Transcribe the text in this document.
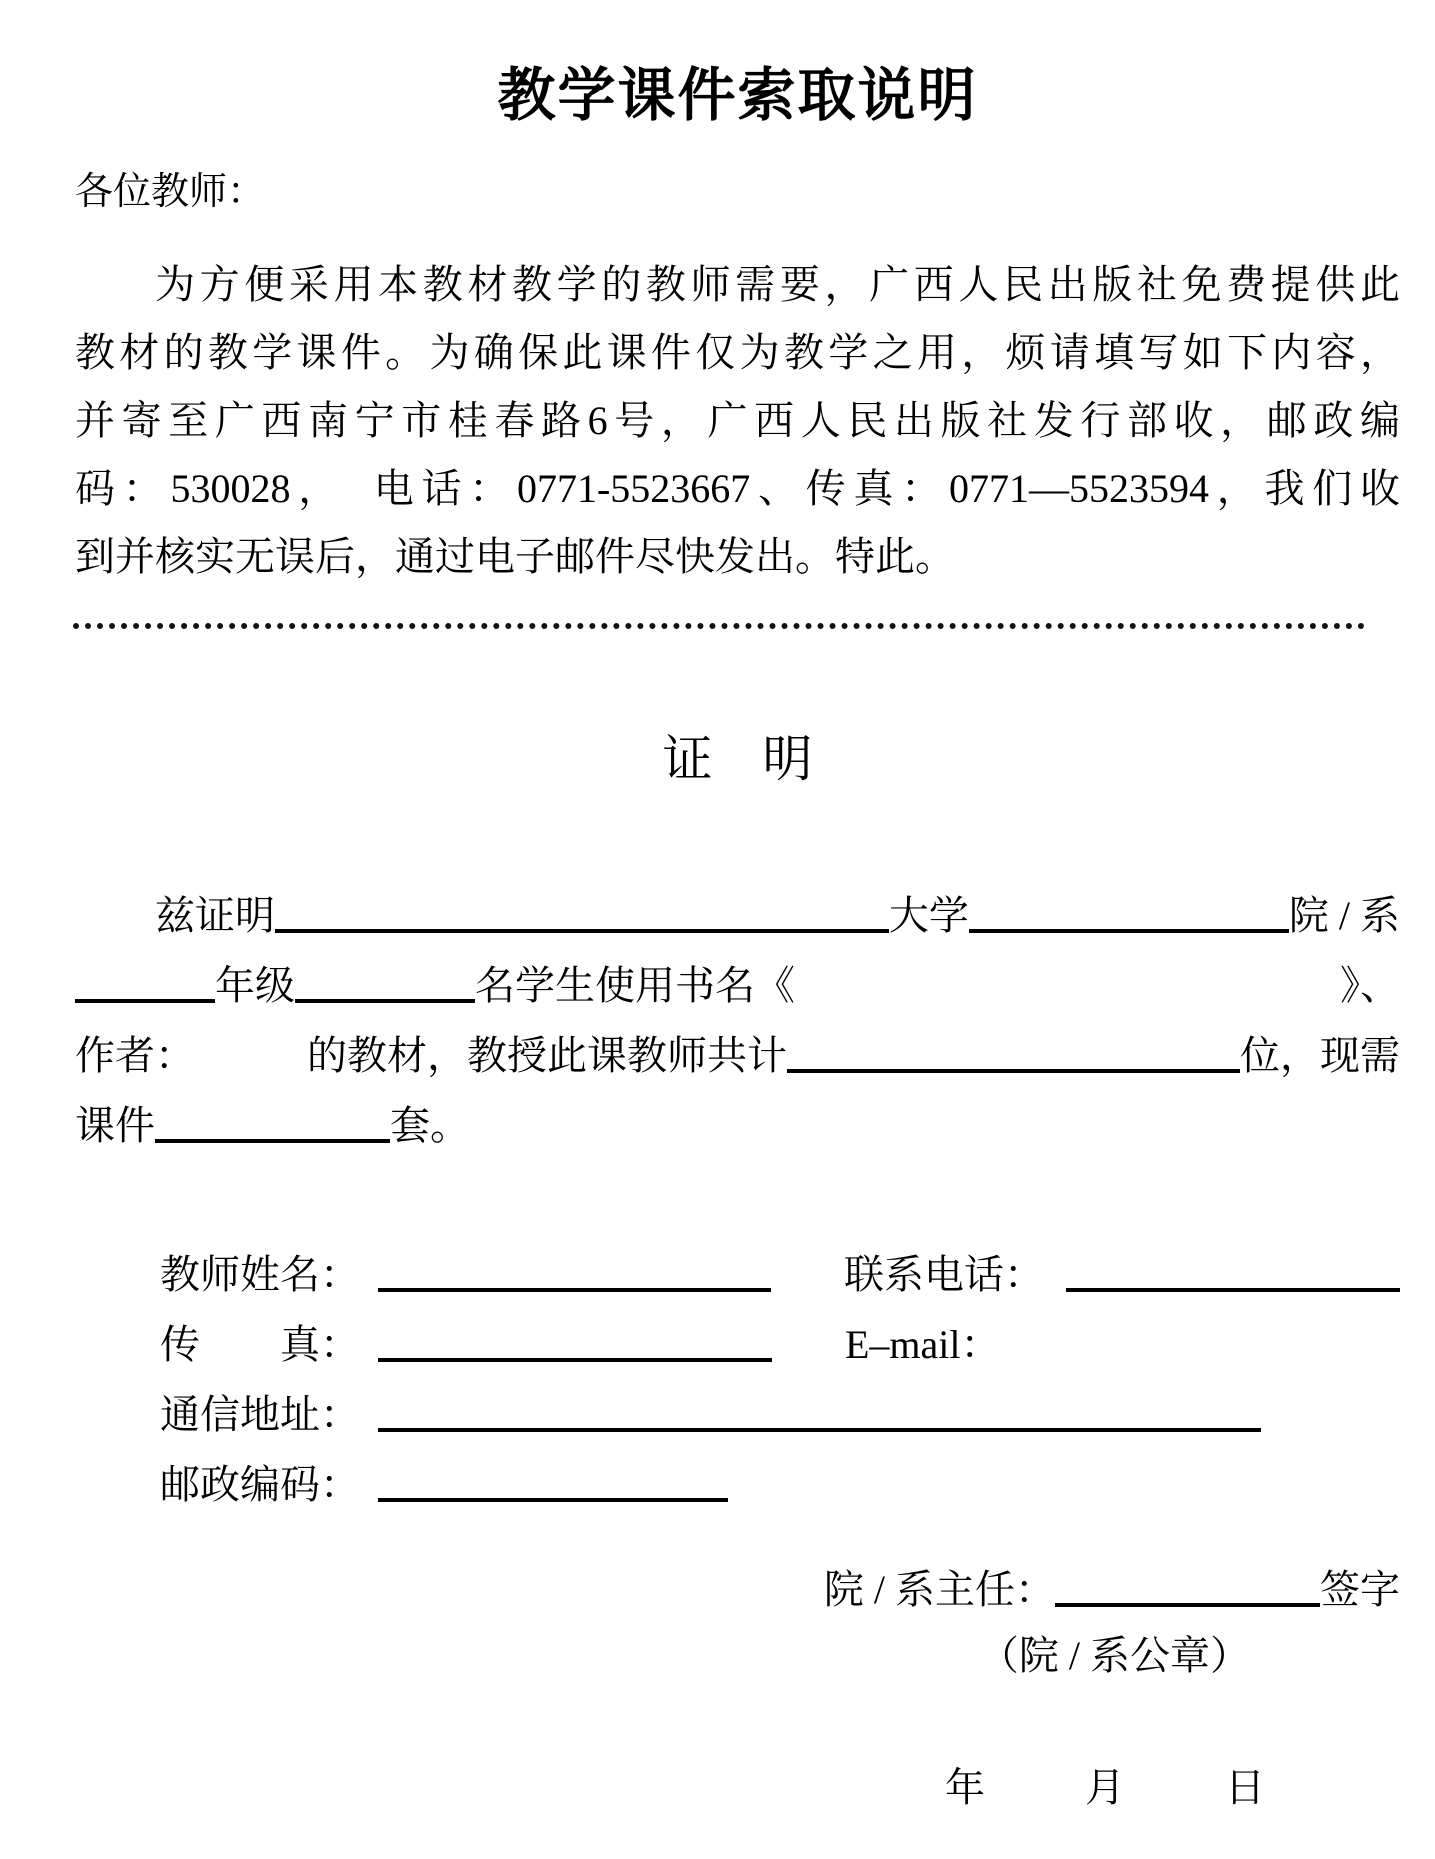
教学课件索取说明
各位教师：
为方便采用本教材教学的教师需要，广西人民出版社免费提供此
教材的教学课件。为确保此课件仅为教学之用，烦请填写如下内容，
并寄至广西南宁市桂春路6号，广西人民出版社发行部收，邮政编
码：530028，　电话：0771-5523667、传真：0771—5523594，我们收
到并核实无误后，通过电子邮件尽快发出。特此。
证　明
兹证明	大学	院 / 系
年级	名学生使用书名《	》、
作者：	的教材，教授此课教师共计	位，现需
课件	套。
教师姓名：	联系电话：
传　　真：	E–mail：
通信地址：
邮政编码：
院 / 系主任：	签字
（院 / 系公章）
年	月	日
